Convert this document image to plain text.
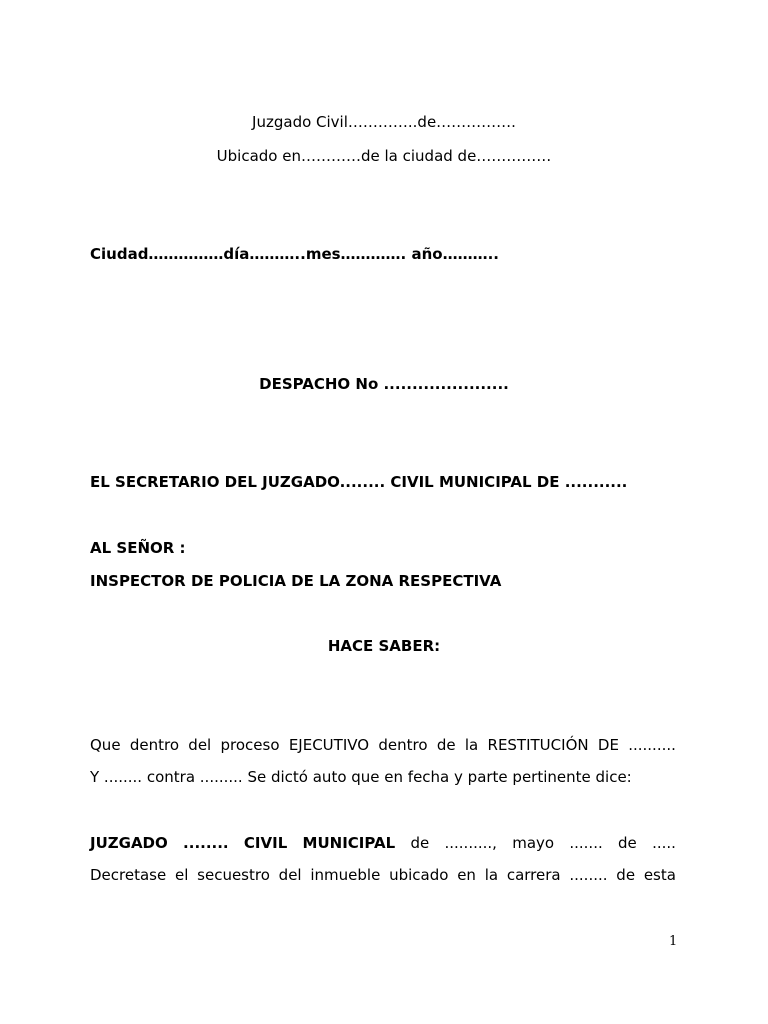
Juzgado Civil…………..de…………….
Ubicado en…………de la ciudad de……………
Ciudad……………día………..mes…………. año………..
DESPACHO No ......................
EL SECRETARIO DEL JUZGADO........ CIVIL MUNICIPAL DE ...........
AL SEÑOR :
INSPECTOR DE POLICIA DE LA ZONA RESPECTIVA
HACE SABER:
Que dentro del proceso EJECUTIVO dentro de la RESTITUCIÓN DE ..........
Y ........ contra ......... Se dictó auto que en fecha y parte pertinente dice:
JUZGADO ........ CIVIL MUNICIPAL de .........., mayo ....... de .....
Decretase el secuestro del inmueble ubicado en la carrera ........ de esta
1
